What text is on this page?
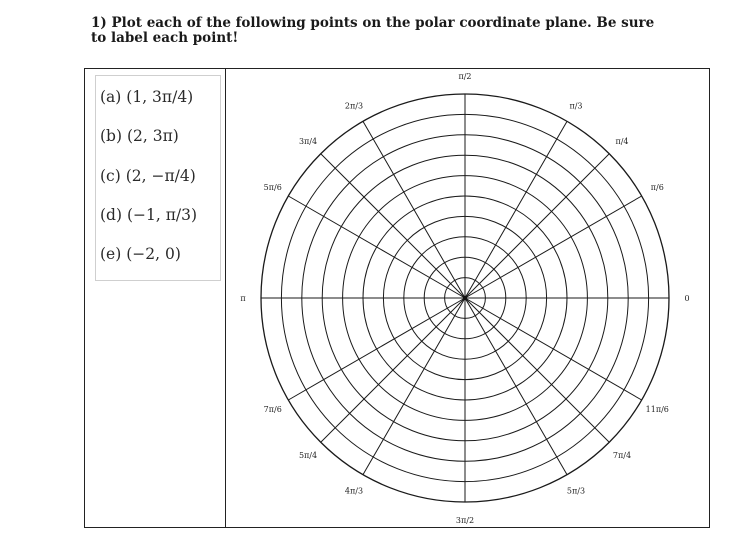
1) Plot each of the following points on the polar coordinate plane. Be sure
to label each point!
(a) (1, 3π/4)
(b) (2, 3π)
(c) (2, −π/4)
(d) (−1, π/3)
(e) (−2, 0)
0
π/6
π/4
π/3
π/2
2π/3
3π/4
5π/6
π
7π/6
5π/4
4π/3
3π/2
5π/3
7π/4
11π/6
